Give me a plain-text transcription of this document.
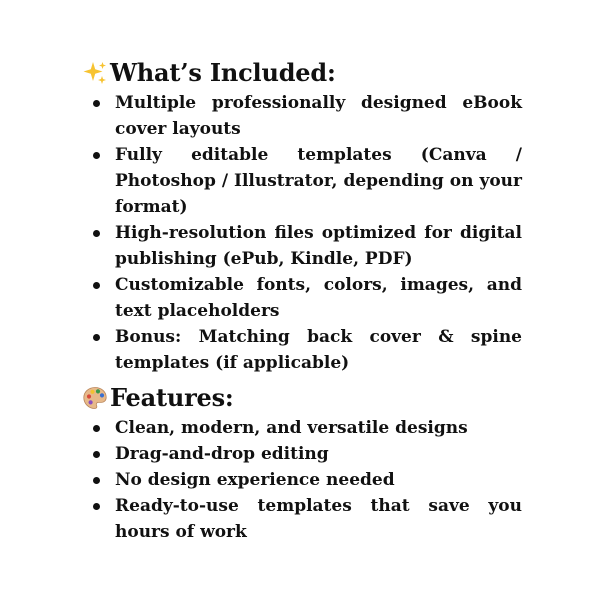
What’s Included:
Multiple professionally designed eBook cover layouts
Fully editable templates (Canva / Photoshop / Illustrator, depending on your format)
High-resolution files optimized for digital publishing (ePub, Kindle, PDF)
Customizable fonts, colors, images, and text placeholders
Bonus: Matching back cover & spine templates (if applicable)
Features:
Clean, modern, and versatile designs
Drag-and-drop editing
No design experience needed
Ready-to-use templates that save you hours of work
